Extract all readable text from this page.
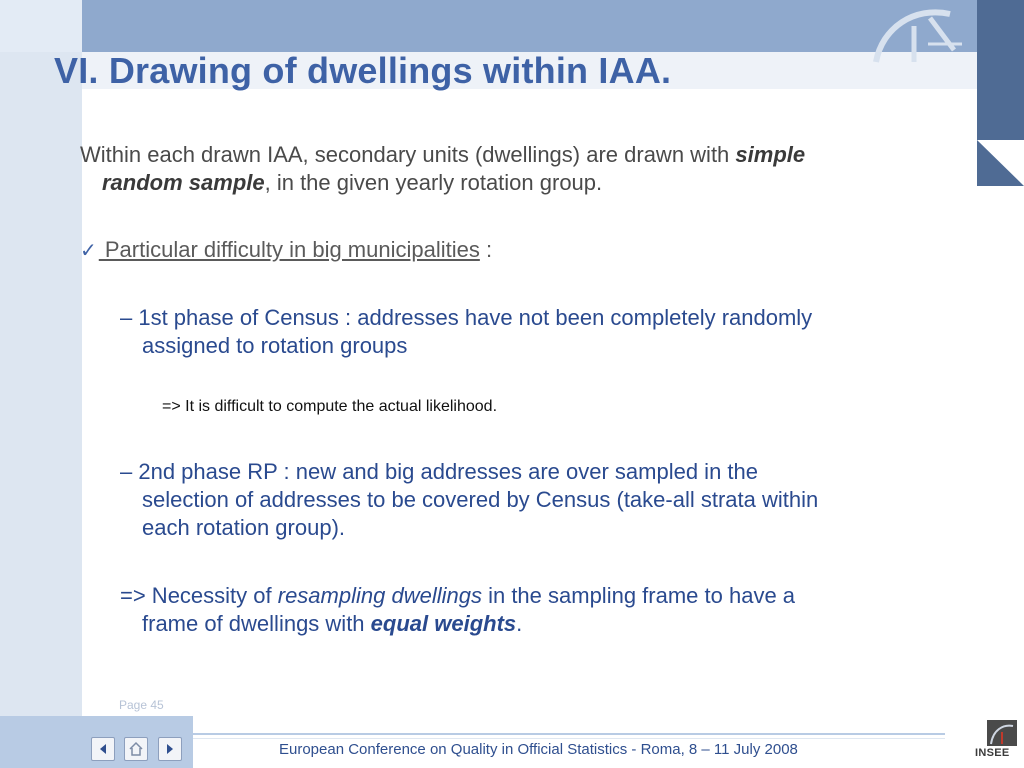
VI. Drawing of dwellings within IAA.
Within each drawn IAA, secondary units (dwellings) are drawn with simple
random sample, in the given yearly rotation group.
✓ Particular difficulty in big municipalities :
– 1st phase of Census : addresses have not been completely randomly
assigned to rotation groups
=> It is difficult to compute the actual likelihood.
– 2nd phase RP : new and big addresses are over sampled in the
selection of addresses to be covered by Census (take-all strata within
each rotation group).
=> Necessity of resampling dwellings in the sampling frame to have a
frame of dwellings with equal weights.
Page 45
European Conference on Quality in Official Statistics - Roma, 8 – 11 July 2008	INSEE
